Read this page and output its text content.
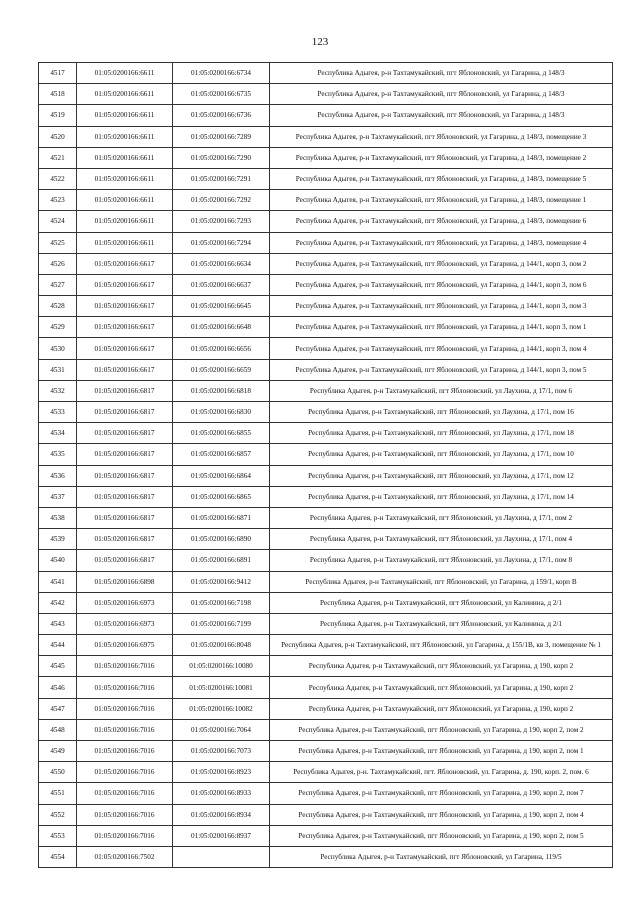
123
4517	01:05:0200166:6611	01:05:0200166:6734	Республика Адыгея, р-н Тахтамукайский, пгт Яблоновский, ул Гагарина, д 148/3
4518	01:05:0200166:6611	01:05:0200166:6735	Республика Адыгея, р-н Тахтамукайский, пгт Яблоновский, ул Гагарина, д 148/3
4519	01:05:0200166:6611	01:05:0200166:6736	Республика Адыгея, р-н Тахтамукайский, пгт Яблоновский, ул Гагарина, д 148/3
4520	01:05:0200166:6611	01:05:0200166:7289	Республика Адыгея, р-н Тахтамукайский, пгт Яблоновский, ул Гагарина, д 148/3, помещение 3
4521	01:05:0200166:6611	01:05:0200166:7290	Республика Адыгея, р-н Тахтамукайский, пгт Яблоновский, ул Гагарина, д 148/3, помещение 2
4522	01:05:0200166:6611	01:05:0200166:7291	Республика Адыгея, р-н Тахтамукайский, пгт Яблоновский, ул Гагарина, д 148/3, помещение 5
4523	01:05:0200166:6611	01:05:0200166:7292	Республика Адыгея, р-н Тахтамукайский, пгт Яблоновский, ул Гагарина, д 148/3, помещение 1
4524	01:05:0200166:6611	01:05:0200166:7293	Республика Адыгея, р-н Тахтамукайский, пгт Яблоновский, ул Гагарина, д 148/3, помещение 6
4525	01:05:0200166:6611	01:05:0200166:7294	Республика Адыгея, р-н Тахтамукайский, пгт Яблоновский, ул Гагарина, д 148/3, помещение 4
4526	01:05:0200166:6617	01:05:0200166:6634	Республика Адыгея, р-н Тахтамукайский, пгт Яблоновский, ул Гагарина, д 144/1, корп 3, пом 2
4527	01:05:0200166:6617	01:05:0200166:6637	Республика Адыгея, р-н Тахтамукайский, пгт Яблоновский, ул Гагарина, д 144/1, корп 3, пом 6
4528	01:05:0200166:6617	01:05:0200166:6645	Республика Адыгея, р-н Тахтамукайский, пгт Яблоновский, ул Гагарина, д 144/1, корп 3, пом 3
4529	01:05:0200166:6617	01:05:0200166:6648	Республика Адыгея, р-н Тахтамукайский, пгт Яблоновский, ул Гагарина, д 144/1, корп 3, пом 1
4530	01:05:0200166:6617	01:05:0200166:6656	Республика Адыгея, р-н Тахтамукайский, пгт Яблоновский, ул Гагарина, д 144/1, корп 3, пом 4
4531	01:05:0200166:6617	01:05:0200166:6659	Республика Адыгея, р-н Тахтамукайский, пгт Яблоновский, ул Гагарина, д 144/1, корп 3, пом 5
4532	01:05:0200166:6817	01:05:0200166:6818	Республика Адыгея, р-н Тахтамукайский, пгт Яблоновский, ул Лаухина, д 17/1, пом 6
4533	01:05:0200166:6817	01:05:0200166:6830	Республика Адыгея, р-н Тахтамукайский, пгт Яблоновский, ул Лаухина, д 17/1, пом 16
4534	01:05:0200166:6817	01:05:0200166:6855	Республика Адыгея, р-н Тахтамукайский, пгт Яблоновский, ул Лаухина, д 17/1, пом 18
4535	01:05:0200166:6817	01:05:0200166:6857	Республика Адыгея, р-н Тахтамукайский, пгт Яблоновский, ул Лаухина, д 17/1, пом 10
4536	01:05:0200166:6817	01:05:0200166:6864	Республика Адыгея, р-н Тахтамукайский, пгт Яблоновский, ул Лаухина, д 17/1, пом 12
4537	01:05:0200166:6817	01:05:0200166:6865	Республика Адыгея, р-н Тахтамукайский, пгт Яблоновский, ул Лаухина, д 17/1, пом 14
4538	01:05:0200166:6817	01:05:0200166:6871	Республика Адыгея, р-н Тахтамукайский, пгт Яблоновский, ул Лаухина, д 17/1, пом 2
4539	01:05:0200166:6817	01:05:0200166:6890	Республика Адыгея, р-н Тахтамукайский, пгт Яблоновский, ул Лаухина, д 17/1, пом 4
4540	01:05:0200166:6817	01:05:0200166:6891	Республика Адыгея, р-н Тахтамукайский, пгт Яблоновский, ул Лаухина, д 17/1, пом 8
4541	01:05:0200166:6898	01:05:0200166:9412	Республика Адыгея, р-н Тахтамукайский, пгт Яблоновский, ул Гагарина, д 159/1, корп В
4542	01:05:0200166:6973	01:05:0200166:7198	Республика Адыгея, р-н Тахтамукайский, пгт Яблоновский, ул Калинина, д 2/1
4543	01:05:0200166:6973	01:05:0200166:7199	Республика Адыгея, р-н Тахтамукайский, пгт Яблоновский, ул Калинина, д 2/1
4544	01:05:0200166:6975	01:05:0200166:8048	Республика Адыгея, р-н Тахтамукайский, пгт Яблоновский, ул Гагарина, д 155/1В, кв 3, помещение № 1
4545	01:05:0200166:7016	01:05:0200166:10080	Республика Адыгея, р-н Тахтамукайский, пгт Яблоновский, ул Гагарина, д 190, корп 2
4546	01:05:0200166:7016	01:05:0200166:10081	Республика Адыгея, р-н Тахтамукайский, пгт Яблоновский, ул Гагарина, д 190, корп 2
4547	01:05:0200166:7016	01:05:0200166:10082	Республика Адыгея, р-н Тахтамукайский, пгт Яблоновский, ул Гагарина, д 190, корп 2
4548	01:05:0200166:7016	01:05:0200166:7064	Республика Адыгея, р-н Тахтамукайский, пгт Яблоновский, ул Гагарина, д 190, корп 2, пом 2
4549	01:05:0200166:7016	01:05:0200166:7073	Республика Адыгея, р-н Тахтамукайский, пгт Яблоновский, ул Гагарина, д 190, корп 2, пом 1
4550	01:05:0200166:7016	01:05:0200166:8923	Республика Адыгея, р-н. Тахтамукайский, пгт. Яблоновский, ул. Гагарина, д. 190, корп. 2, пом. 6
4551	01:05:0200166:7016	01:05:0200166:8933	Республика Адыгея, р-н Тахтамукайский, пгт Яблоновский, ул Гагарина, д 190, корп 2, пом 7
4552	01:05:0200166:7016	01:05:0200166:8934	Республика Адыгея, р-н Тахтамукайский, пгт Яблоновский, ул Гагарина, д 190, корп 2, пом 4
4553	01:05:0200166:7016	01:05:0200166:8937	Республика Адыгея, р-н Тахтамукайский, пгт Яблоновский, ул Гагарина, д 190, корп 2, пом 5
4554	01:05:0200166:7502		Республика Адыгея, р-н Тахтамукайский, пгт Яблоновский, ул Гагарина, 119/5
